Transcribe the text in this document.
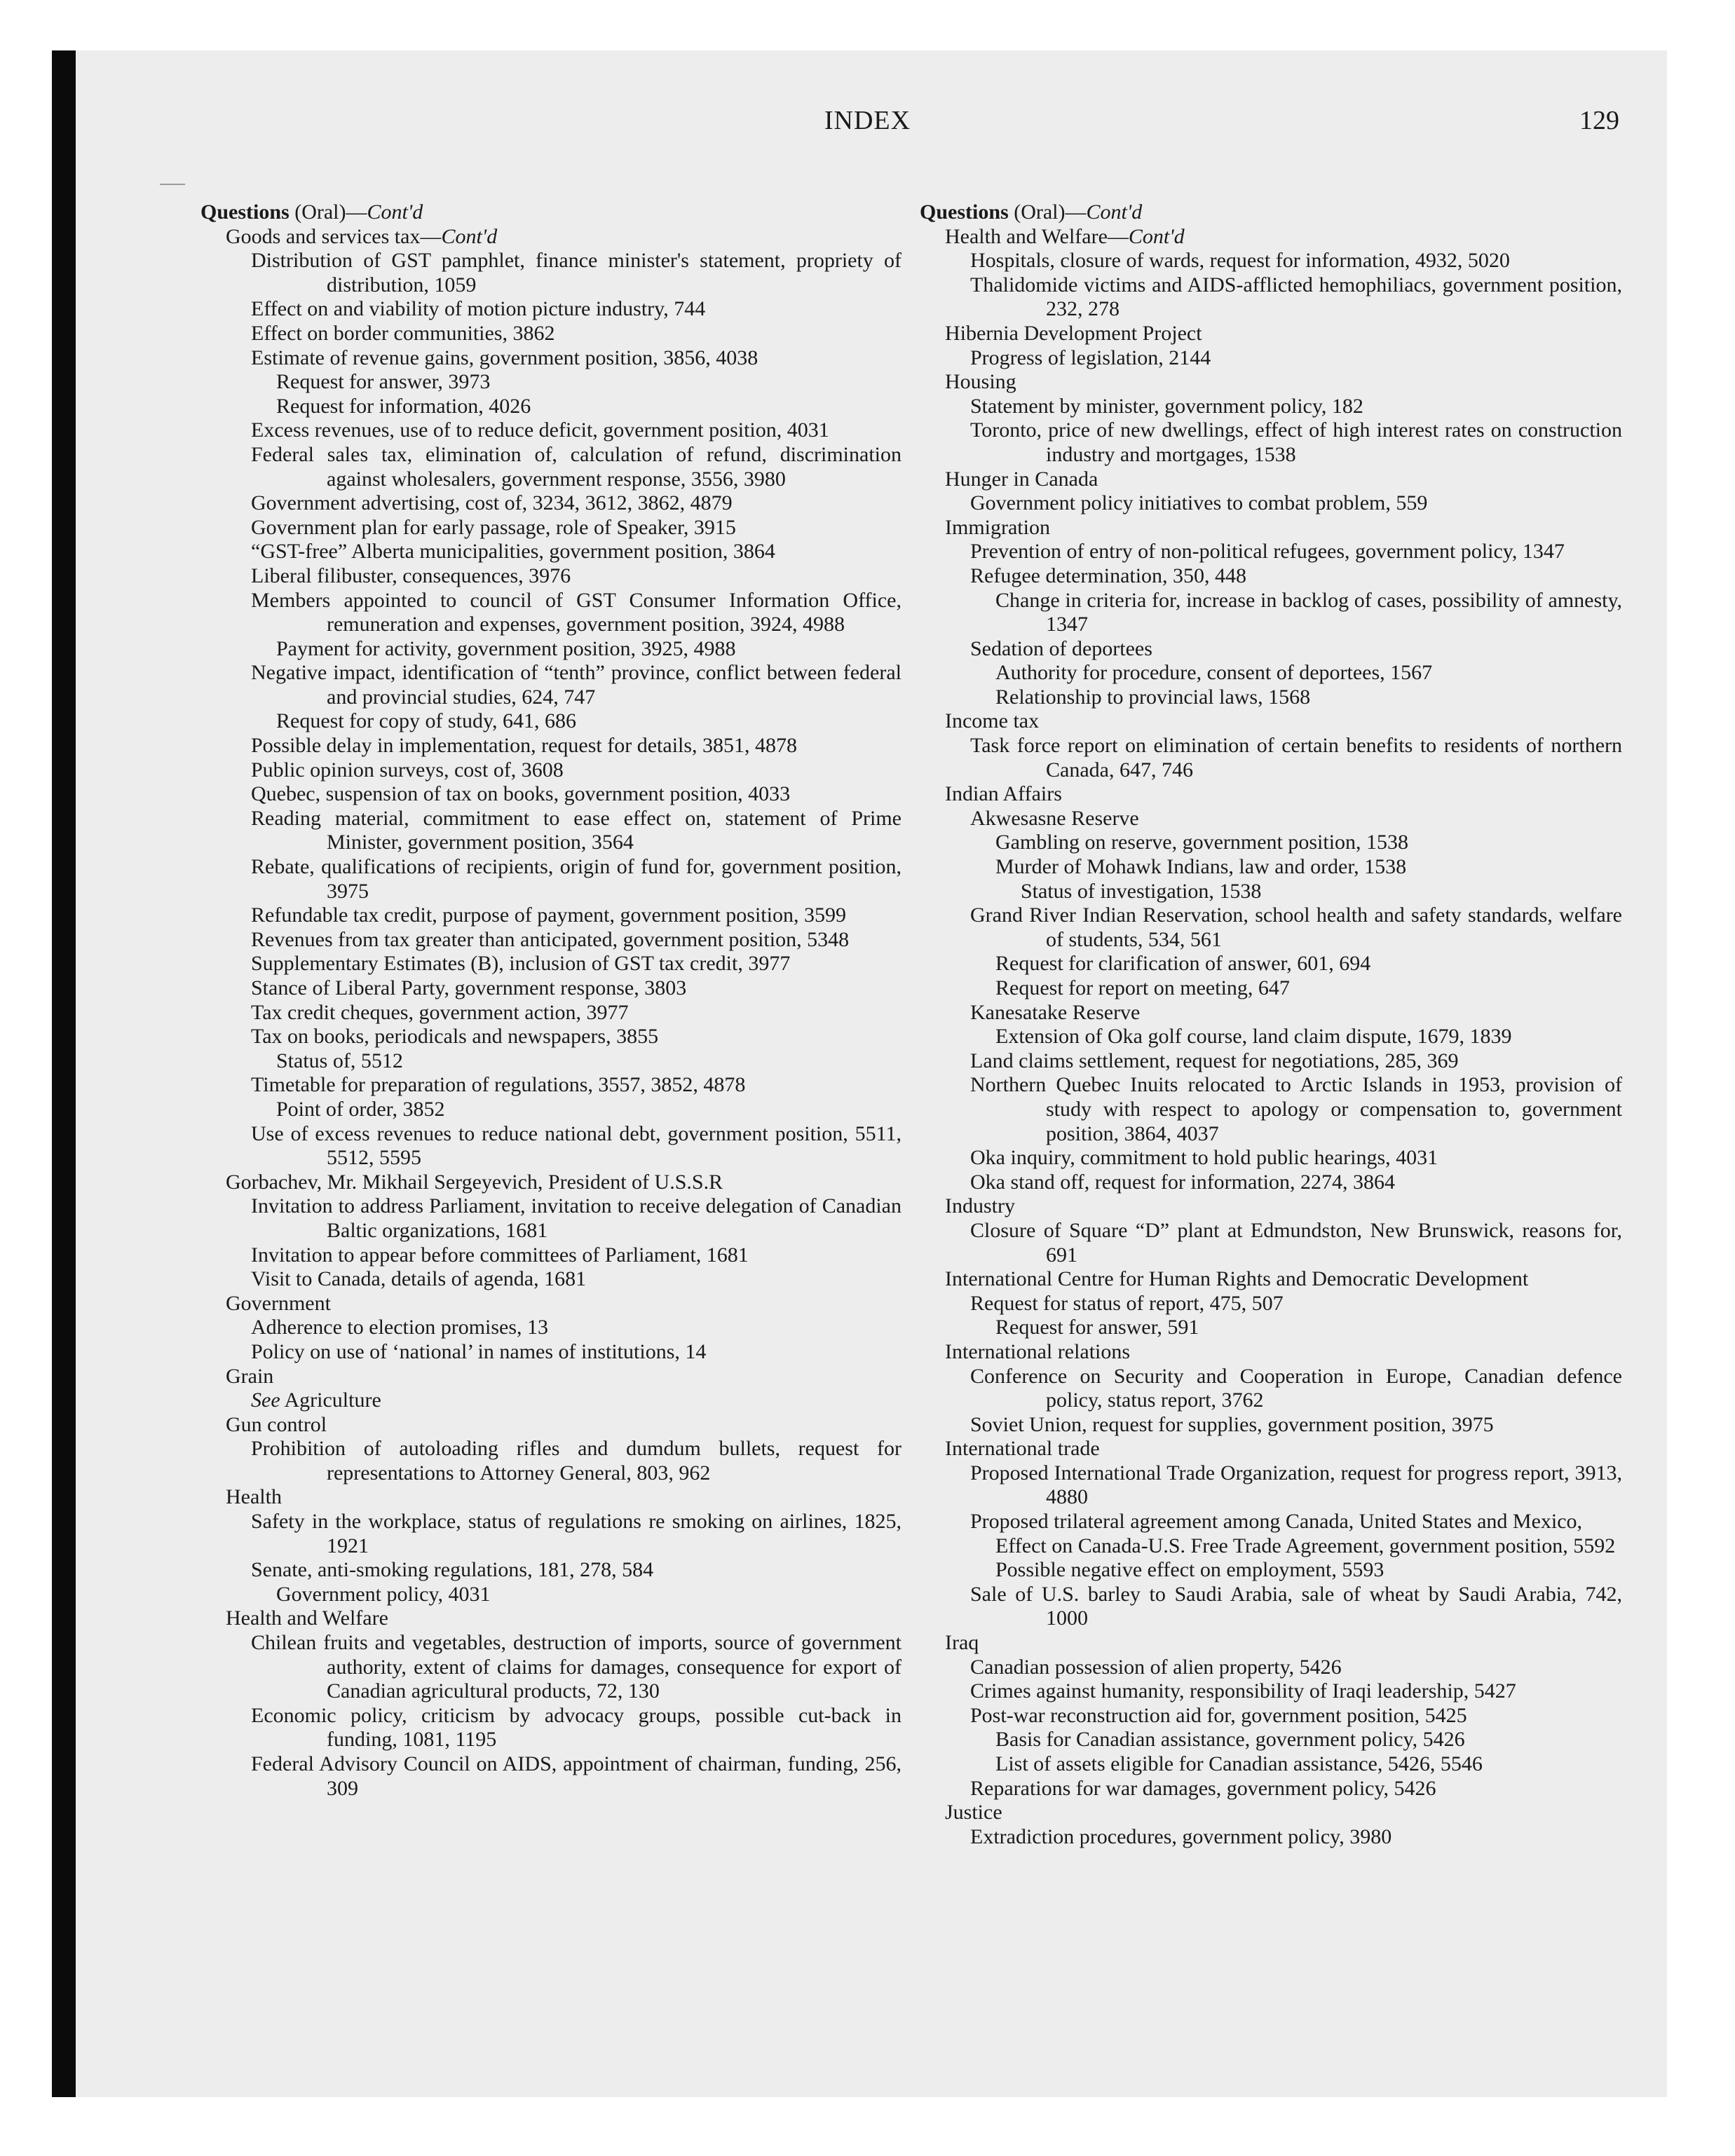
INDEX	129
Questions (Oral)—Cont'd
Goods and services tax—Cont'd
Distribution of GST pamphlet, finance minister's statement, propriety of distribution, 1059
Effect on and viability of motion picture industry, 744
Effect on border communities, 3862
Estimate of revenue gains, government position, 3856, 4038
Request for answer, 3973
Request for information, 4026
Excess revenues, use of to reduce deficit, government position, 4031
Federal sales tax, elimination of, calculation of refund, discrimination against wholesalers, government response, 3556, 3980
Government advertising, cost of, 3234, 3612, 3862, 4879
Government plan for early passage, role of Speaker, 3915
“GST-free” Alberta municipalities, government position, 3864
Liberal filibuster, consequences, 3976
Members appointed to council of GST Consumer Information Office, remuneration and expenses, government position, 3924, 4988
Payment for activity, government position, 3925, 4988
Negative impact, identification of “tenth” province, conflict between federal and provincial studies, 624, 747
Request for copy of study, 641, 686
Possible delay in implementation, request for details, 3851, 4878
Public opinion surveys, cost of, 3608
Quebec, suspension of tax on books, government position, 4033
Reading material, commitment to ease effect on, statement of Prime Minister, government position, 3564
Rebate, qualifications of recipients, origin of fund for, government position, 3975
Refundable tax credit, purpose of payment, government position, 3599
Revenues from tax greater than anticipated, government position, 5348
Supplementary Estimates (B), inclusion of GST tax credit, 3977
Stance of Liberal Party, government response, 3803
Tax credit cheques, government action, 3977
Tax on books, periodicals and newspapers, 3855
Status of, 5512
Timetable for preparation of regulations, 3557, 3852, 4878
Point of order, 3852
Use of excess revenues to reduce national debt, government position, 5511, 5512, 5595
Gorbachev, Mr. Mikhail Sergeyevich, President of U.S.S.R
Invitation to address Parliament, invitation to receive delegation of Canadian Baltic organizations, 1681
Invitation to appear before committees of Parliament, 1681
Visit to Canada, details of agenda, 1681
Government
Adherence to election promises, 13
Policy on use of ‘national’ in names of institutions, 14
Grain
See Agriculture
Gun control
Prohibition of autoloading rifles and dumdum bullets, request for representations to Attorney General, 803, 962
Health
Safety in the workplace, status of regulations re smoking on airlines, 1825, 1921
Senate, anti-smoking regulations, 181, 278, 584
Government policy, 4031
Health and Welfare
Chilean fruits and vegetables, destruction of imports, source of government authority, extent of claims for damages, consequence for export of Canadian agricultural products, 72, 130
Economic policy, criticism by advocacy groups, possible cut-back in funding, 1081, 1195
Federal Advisory Council on AIDS, appointment of chairman, funding, 256, 309
Questions (Oral)—Cont'd
Health and Welfare—Cont'd
Hospitals, closure of wards, request for information, 4932, 5020
Thalidomide victims and AIDS-afflicted hemophiliacs, government position, 232, 278
Hibernia Development Project
Progress of legislation, 2144
Housing
Statement by minister, government policy, 182
Toronto, price of new dwellings, effect of high interest rates on construction industry and mortgages, 1538
Hunger in Canada
Government policy initiatives to combat problem, 559
Immigration
Prevention of entry of non-political refugees, government policy, 1347
Refugee determination, 350, 448
Change in criteria for, increase in backlog of cases, possibility of amnesty, 1347
Sedation of deportees
Authority for procedure, consent of deportees, 1567
Relationship to provincial laws, 1568
Income tax
Task force report on elimination of certain benefits to residents of northern Canada, 647, 746
Indian Affairs
Akwesasne Reserve
Gambling on reserve, government position, 1538
Murder of Mohawk Indians, law and order, 1538
Status of investigation, 1538
Grand River Indian Reservation, school health and safety standards, welfare of students, 534, 561
Request for clarification of answer, 601, 694
Request for report on meeting, 647
Kanesatake Reserve
Extension of Oka golf course, land claim dispute, 1679, 1839
Land claims settlement, request for negotiations, 285, 369
Northern Quebec Inuits relocated to Arctic Islands in 1953, provision of study with respect to apology or compensation to, government position, 3864, 4037
Oka inquiry, commitment to hold public hearings, 4031
Oka stand off, request for information, 2274, 3864
Industry
Closure of Square “D” plant at Edmundston, New Brunswick, reasons for, 691
International Centre for Human Rights and Democratic Development
Request for status of report, 475, 507
Request for answer, 591
International relations
Conference on Security and Cooperation in Europe, Canadian defence policy, status report, 3762
Soviet Union, request for supplies, government position, 3975
International trade
Proposed International Trade Organization, request for progress report, 3913, 4880
Proposed trilateral agreement among Canada, United States and Mexico,
Effect on Canada-U.S. Free Trade Agreement, government position, 5592
Possible negative effect on employment, 5593
Sale of U.S. barley to Saudi Arabia, sale of wheat by Saudi Arabia, 742, 1000
Iraq
Canadian possession of alien property, 5426
Crimes against humanity, responsibility of Iraqi leadership, 5427
Post-war reconstruction aid for, government position, 5425
Basis for Canadian assistance, government policy, 5426
List of assets eligible for Canadian assistance, 5426, 5546
Reparations for war damages, government policy, 5426
Justice
Extradiction procedures, government policy, 3980
